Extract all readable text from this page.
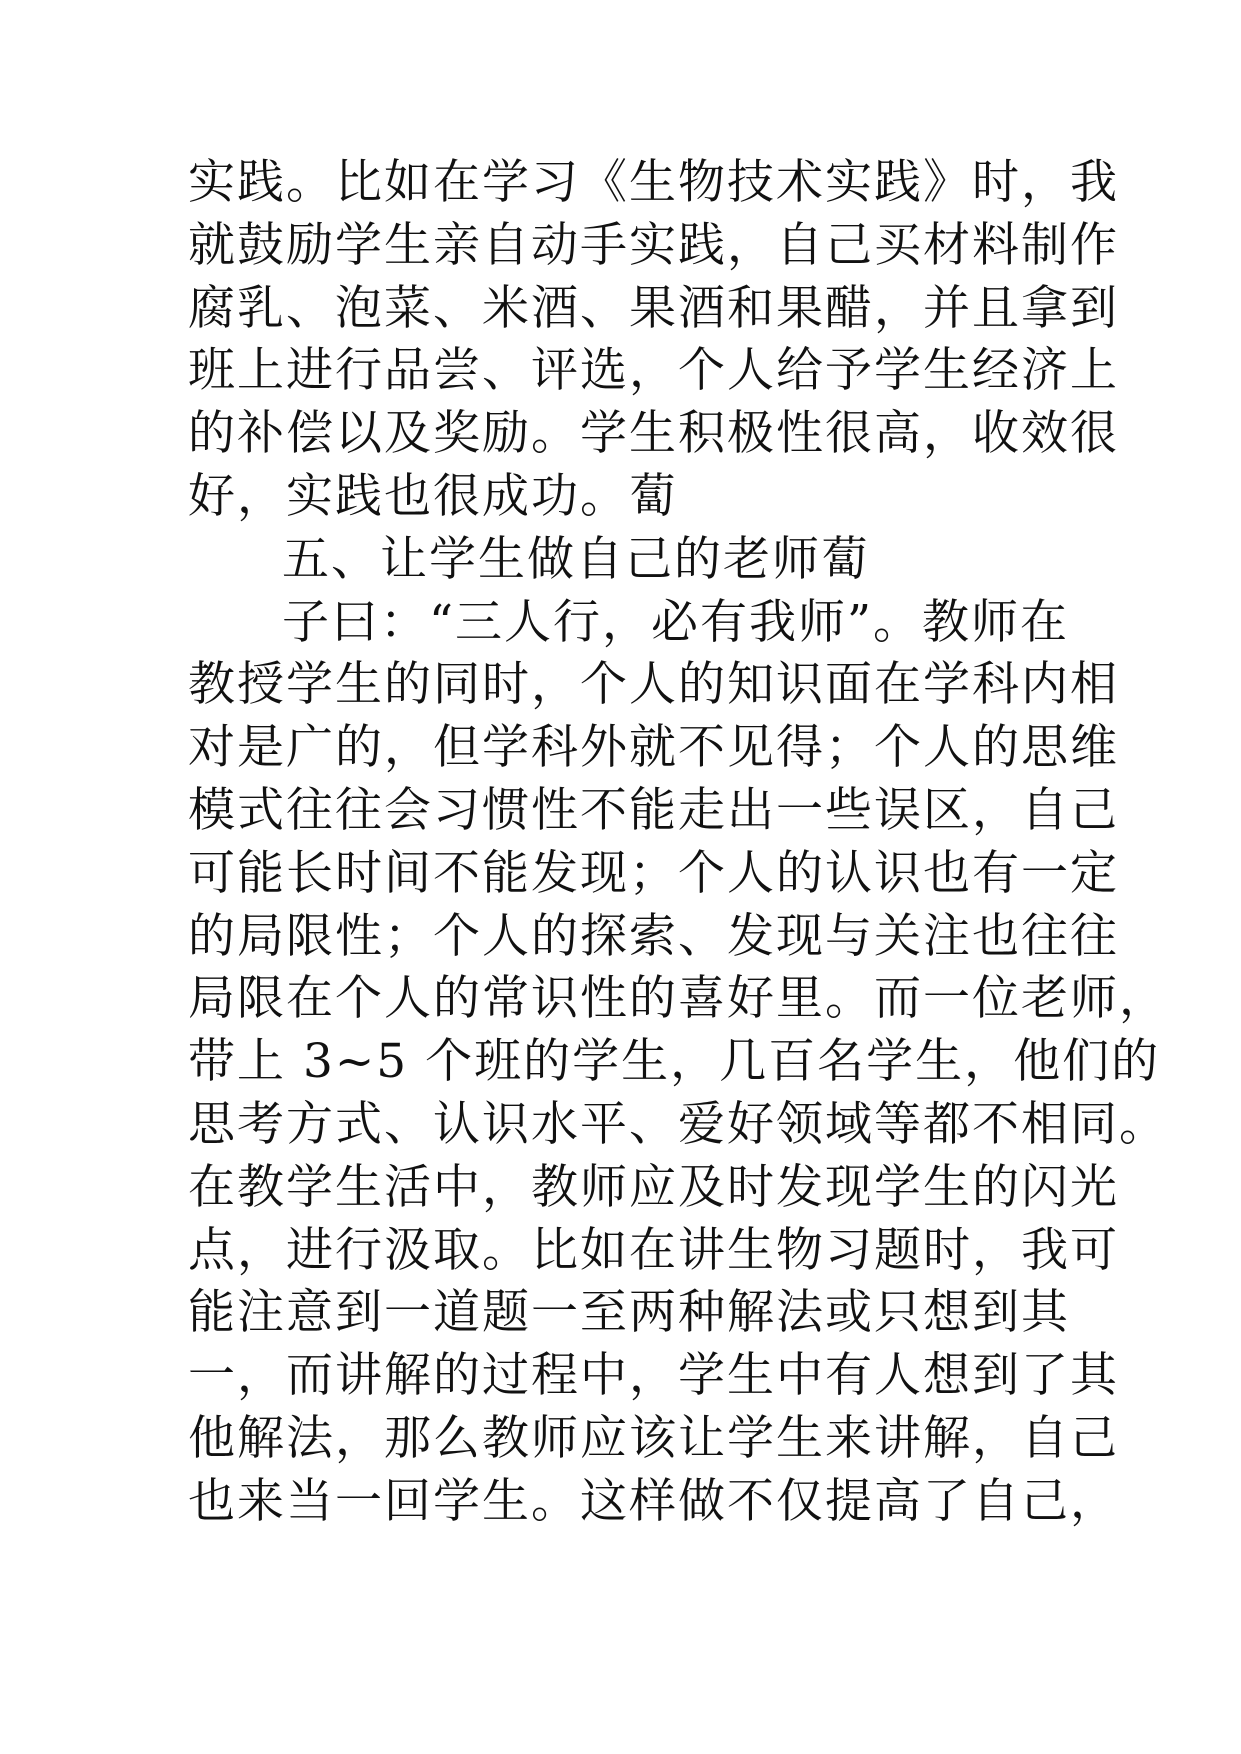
实践。比如在学习《生物技术实践》时，我
就鼓励学生亲自动手实践，自己买材料制作
腐乳、泡菜、米酒、果酒和果醋，并且拿到
班上进行品尝、评选，个人给予学生经济上
的补偿以及奖励。学生积极性很高，收效很
好，实践也很成功。蔔
五、让学生做自己的老师蔔
子曰：“三人行，必有我师”。教师在
教授学生的同时，个人的知识面在学科内相
对是广的，但学科外就不见得；个人的思维
模式往往会习惯性不能走出一些误区，自己
可能长时间不能发现；个人的认识也有一定
的局限性；个人的探索、发现与关注也往往
局限在个人的常识性的喜好里。而一位老师，
带上 3~5 个班的学生，几百名学生，他们的
思考方式、认识水平、爱好领域等都不相同。
在教学生活中，教师应及时发现学生的闪光
点，进行汲取。比如在讲生物习题时，我可
能注意到一道题一至两种解法或只想到其
一，而讲解的过程中，学生中有人想到了其
他解法，那么教师应该让学生来讲解，自己
也来当一回学生。这样做不仅提高了自己，
